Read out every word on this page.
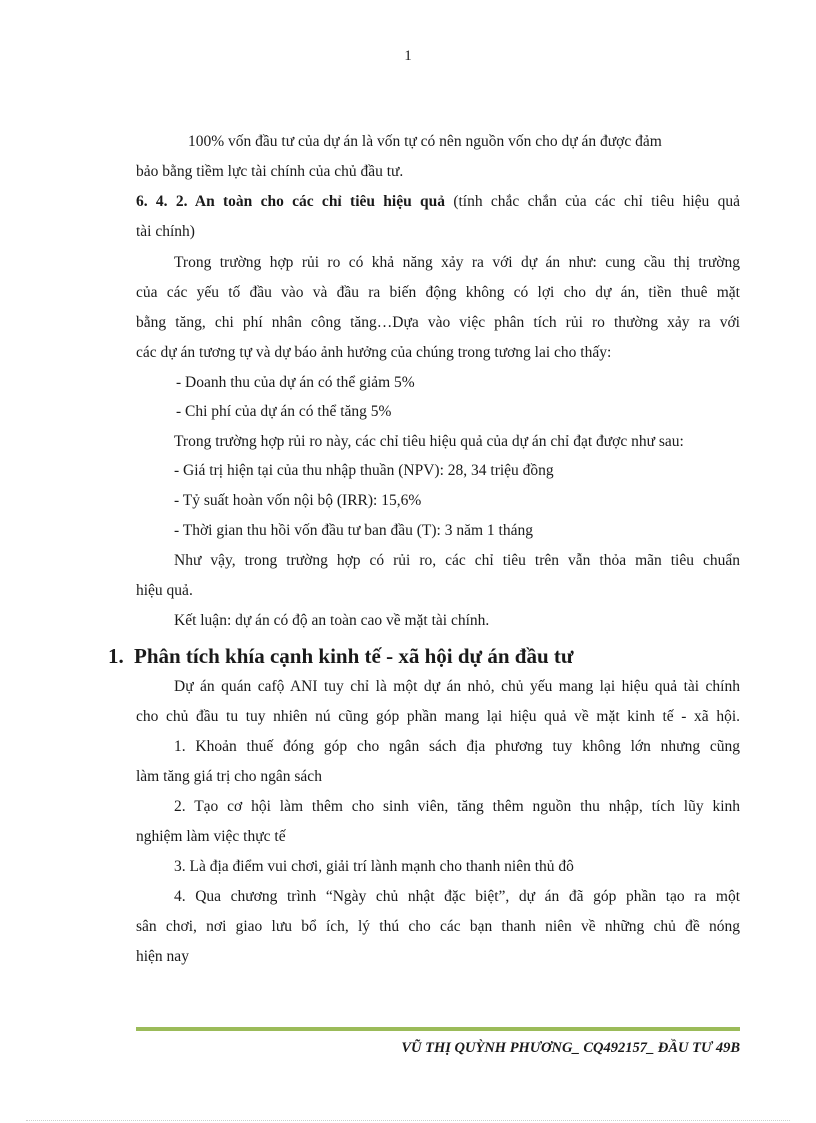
1
100% vốn đầu tư của dự án là vốn tự có nên nguồn vốn cho dự án được đảm
bảo bằng tiềm lực tài chính của chủ đầu tư.
6. 4. 2. An toàn cho các chỉ tiêu hiệu quả (tính chắc chắn của các chỉ tiêu hiệu quả
tài chính)
Trong trường hợp rủi ro có khả năng xảy ra với dự án như: cung cầu thị trường
của các yếu tố đầu vào và đầu ra biến động không có lợi cho dự án, tiền thuê mặt
bằng tăng, chi phí nhân công tăng…Dựa vào việc phân tích rủi ro thường xảy ra với
các dự án tương tự và dự báo ảnh hưởng của chúng trong tương lai cho thấy:
- Doanh thu của dự án có thể giảm 5%
- Chi phí của dự án có thể tăng 5%
Trong trường hợp rủi ro này, các chỉ tiêu hiệu quả của dự án chỉ đạt được như sau:
- Giá trị hiện tại của thu nhập thuần (NPV): 28, 34 triệu đồng
- Tỷ suất hoàn vốn nội bộ (IRR): 15,6%
- Thời gian thu hồi vốn đầu tư ban đầu (T): 3 năm 1 tháng
Như vậy, trong trường hợp có rủi ro, các chỉ tiêu trên vẫn thỏa mãn tiêu chuẩn
hiệu quả.
Kết luận: dự án có độ an toàn cao về mặt tài chính.
Dự án quán cafộ ANI tuy chỉ là một dự án nhỏ, chủ yếu mang lại hiệu quả tài chính
cho chủ đầu tu tuy nhiên nú cũng góp phần mang lại hiệu quả về mặt kinh tế - xã hội.
1. Khoản thuế đóng góp cho ngân sách địa phương tuy không lớn nhưng cũng
làm tăng giá trị cho ngân sách
2. Tạo cơ hội làm thêm cho sinh viên, tăng thêm nguồn thu nhập, tích lũy kinh
nghiệm làm việc thực tế
3. Là địa điểm vui chơi, giải trí lành mạnh cho thanh niên thủ đô
4. Qua chương trình “Ngày chủ nhật đặc biệt”, dự án đã góp phần tạo ra một
sân chơi, nơi giao lưu bổ ích, lý thú cho các bạn thanh niên về những chủ đề nóng
hiện nay
1. Phân tích khía cạnh kinh tế - xã hội dự án đầu tư
VŨ THỊ QUỲNH PHƯƠNG_ CQ492157_ ĐẦU TƯ 49B
